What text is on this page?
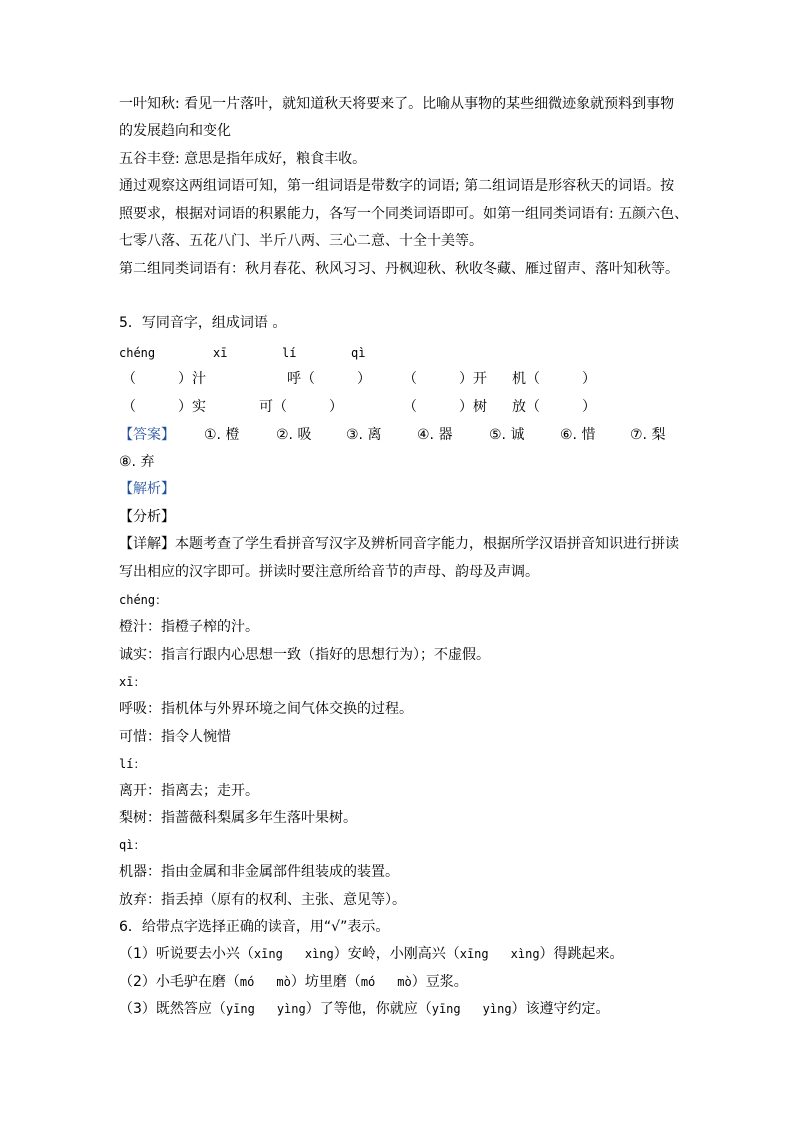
一叶知秋: 看见一片落叶，就知道秋天将要来了。比喻从事物的某些细微迹象就预料到事物
的发展趋向和变化
五谷丰登: 意思是指年成好，粮食丰收。
通过观察这两组词语可知，第一组词语是带数字的词语; 第二组词语是形容秋天的词语。按
照要求，根据对词语的积累能力，各写一个同类词语即可。如第一组同类词语有: 五颜六色、
七零八落、五花八门、半斤八两、三心二意、十全十美等。
第二组同类词语有：秋月春花、秋风习习、丹枫迎秋、秋收冬藏、雁过留声、落叶知秋等。
5．写同音字，组成词语 。
chéng	xī	lí	qì
（　　　）汁	呼（　　　） （　　　）开 机（　　　）
（　　　）实	可（　　　）	（　　　）树 放（　　　）
【答案】 ①. 橙	②. 吸 ③. 离	④. 器	⑤. 诚	⑥. 惜 ⑦. 梨
⑧. 弃
【解析】
【分析】
【详解】本题考查了学生看拼音写汉字及辨析同音字能力，根据所学汉语拼音知识进行拼读
写出相应的汉字即可。拼读时要注意所给音节的声母、韵母及声调。
chéng：
橙汁：指橙子榨的汁。
诚实：指言行跟内心思想一致（指好的思想行为）；不虚假。
xī：
呼吸：指机体与外界环境之间气体交换的过程。
可惜：指令人惋惜
lí：
离开：指离去；走开。
梨树：指蔷薇科梨属多年生落叶果树。
qì：
机器：指由金属和非金属部件组装成的装置。
放弃：指丢掉（原有的权利、主张、意见等）。
6．给带点字选择正确的读音，用“√”表示。
（1）听说要去小兴（xīng xìng）安岭，小刚高兴（xīng xìng）得跳起来。
（2）小毛驴在磨（mó mò）坊里磨（mó mò）豆浆。
（3）既然答应（yīng yìng）了等他，你就应（yīng yìng）该遵守约定。
